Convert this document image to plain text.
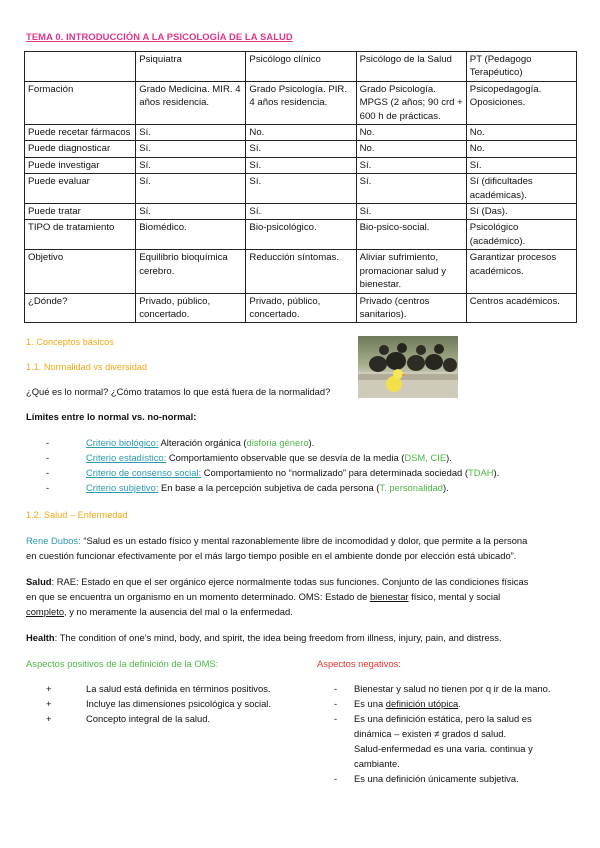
TEMA 0. INTRODUCCIÓN A LA PSICOLOGÍA DE LA SALUD
	Psiquiatra	Psicólogo clínico	Psicólogo de la Salud	PT (Pedagogo Terapéutico)
Formación	Grado Medicina. MIR. 4 años residencia.	Grado Psicología. PIR. 4 años residencia.	Grado Psicología. MPGS (2 años; 90 crd + 600 h de prácticas.	Psicopedagogía. Oposiciones.
Puede recetar fármacos	Sí.	No.	No.	No.
Puede diagnosticar	Sí.	Sí.	No.	No.
Puede investigar	Sí.	Sí.	Sí.	Sí.
Puede evaluar	Sí.	Sí.	Sí.	Sí (dificultades académicas).
Puede tratar	Sí.	Sí.	Sí.	Sí (Das).
TIPO de tratamiento	Biomédico.	Bio-psicológico.	Bio-psico-social.	Psicológico (académico).
Objetivo	Equilibrio bioquímica cerebro.	Reducción síntomas.	Aliviar sufrimiento, promacionar salud y bienestar.	Garantizar procesos académicos.
¿Dónde?	Privado, público, concertado.	Privado, público, concertado.	Privado (centros sanitarios).	Centros académicos.
1. Conceptos básicos
1.1. Normalidad vs diversidad
¿Qué es lo normal? ¿Cómo tratamos lo que está fuera de la normalidad?
Límites entre lo normal vs. no-normal:
-	Criterio biológico: Alteración orgánica (disforia género).
-	Criterio estadístico: Comportamiento observable que se desvía de la media (DSM, CIE).
-	Criterio de consenso social: Comportamiento no “normalizado” para determinada sociedad (TDAH).
-	Criterio subjetivo: En base a la percepción subjetiva de cada persona (T. personalidad).
1.2. Salud – Enfermedad
Rene Dubos: “Salud es un estado físico y mental razonablemente libre de incomodidad y dolor, que permite a la persona
en cuestión funcionar efectivamente por el más largo tiempo posible en el ambiente donde por elección está ubicado”.
Salud: RAE: Estado en que el ser orgánico ejerce normalmente todas sus funciones. Conjunto de las condiciones físicas
en que se encuentra un organismo en un momento determinado. OMS: Estado de bienestar físico, mental y social
completo, y no meramente la ausencia del mal o la enfermedad.
Health: The condition of one’s mind, body, and spirit, the idea being freedom from illness, injury, pain, and distress.
Aspectos positivos de la definición de la OMS:
+	La salud está definida en términos positivos.
+	Incluye las dimensiones psicológica y social.
+	Concepto integral de la salud.
Aspectos negativos:
- Bienestar y salud no tienen por q ir de la mano.
- Es una definición utópica.
- Es una definición estática, pero la salud es
dinámica – existen ≠ grados d salud.
Salud-enfermedad es una varia. continua y
cambiante.
- Es una definición únicamente subjetiva.
